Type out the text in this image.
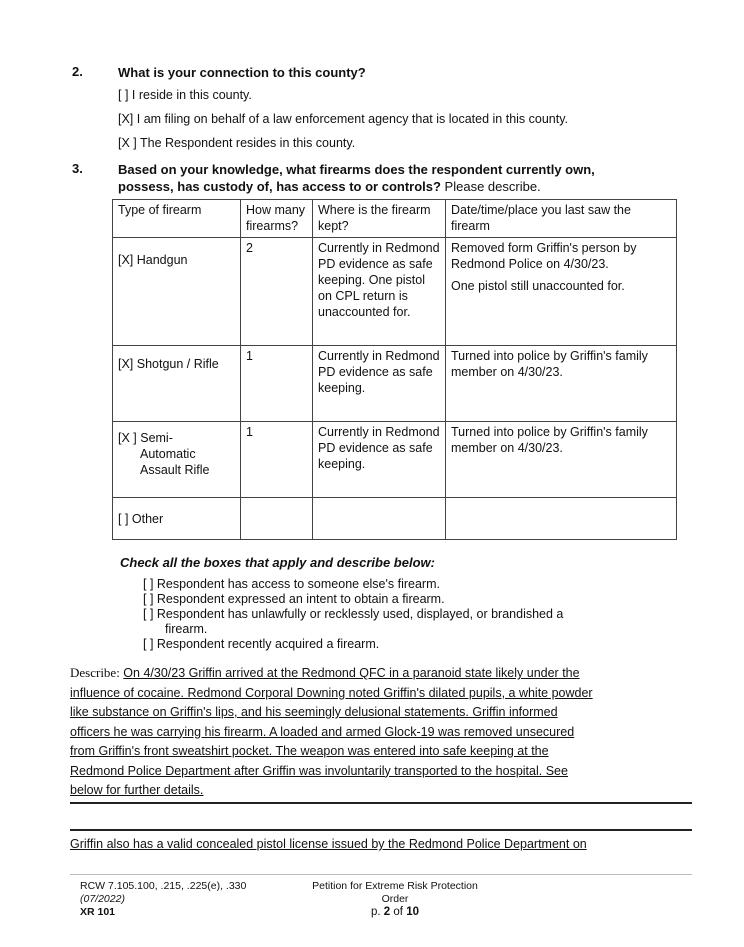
2.	What is your connection to this county?
[ ] I reside in this county.
[X] I am filing on behalf of a law enforcement agency that is located in this county.
[X ] The Respondent resides in this county.
3.	Based on your knowledge, what firearms does the respondent currently own,
possess, has custody of, has access to or controls? Please describe.
Type of firearm	How many firearms?	Where is the firearm kept?	Date/time/place you last saw the firearm
[X] Handgun	2	Currently in Redmond PD evidence as safe keeping. One pistol on CPL return is unaccounted for.	Removed form Griffin's person by Redmond Police on 4/30/23.
One pistol still unaccounted for.

[X] Shotgun / Rifle	1	Currently in Redmond PD evidence as safe keeping.	Turned into police by Griffin's family member on 4/30/23.

[X ] Semi-
Automatic
Assault Rifle	1	Currently in Redmond PD evidence as safe keeping.	Turned into police by Griffin's family member on 4/30/23.
[ ] Other			
Check all the boxes that apply and describe below:
[ ] Respondent has access to someone else's firearm.
[ ] Respondent expressed an intent to obtain a firearm.
[ ] Respondent has unlawfully or recklessly used, displayed, or brandished a
firearm.
[ ] Respondent recently acquired a firearm.
Describe: On 4/30/23 Griffin arrived at the Redmond QFC in a paranoid state likely under the
influence of cocaine. Redmond Corporal Downing noted Griffin's dilated pupils, a white powder
like substance on Griffin's lips, and his seemingly delusional statements. Griffin informed
officers he was carrying his firearm. A loaded and armed Glock-19 was removed unsecured
from Griffin's front sweatshirt pocket. The weapon was entered into safe keeping at the
Redmond Police Department after Griffin was involuntarily transported to the hospital. See
below for further details.
Griffin also has a valid concealed pistol license issued by the Redmond Police Department on
RCW 7.105.100, .215, .225(e), .330
(07/2022)
XR 101
Petition for Extreme Risk Protection
Order
p. 2 of 10
